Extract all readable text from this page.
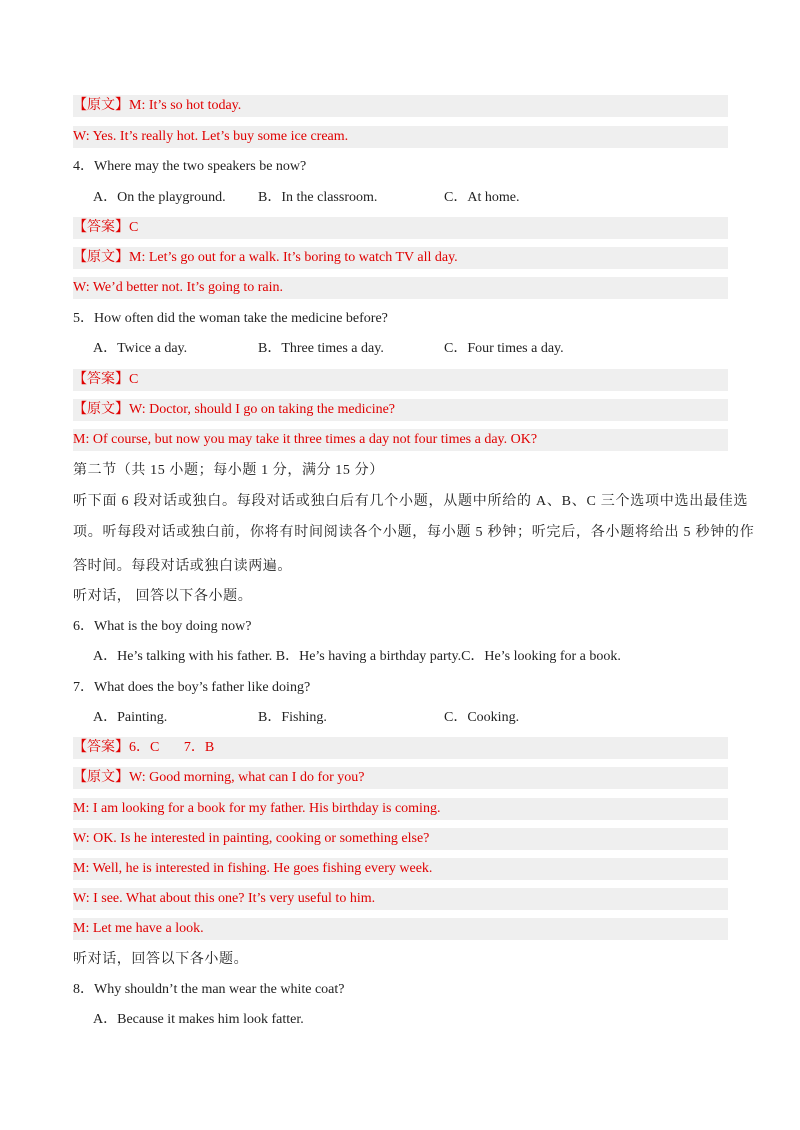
【原文】M: It’s so hot today.
W: Yes. It’s really hot. Let’s buy some ice cream.
4．Where may the two speakers be now?
A．On the playground. B．In the classroom.	C．At home.
【答案】C
【原文】M: Let’s go out for a walk. It’s boring to watch TV all day.
W: We’d better not. It’s going to rain.
5．How often did the woman take the medicine before?
A．Twice a day.	B．Three times a day.	C．Four times a day.
【答案】C
【原文】W: Doctor, should I go on taking the medicine?
M: Of course, but now you may take it three times a day not four times a day. OK?
第二节（共 15 小题；每小题 1 分，满分 15 分）
听下面 6 段对话或独白。每段对话或独白后有几个小题，从题中所给的 A、B、C 三个选项中选出最佳选
项。听每段对话或独白前，你将有时间阅读各个小题，每小题 5 秒钟；听完后，各小题将给出 5 秒钟的作
答时间。每段对话或独白读两遍。
听对话， 回答以下各小题。
6．What is the boy doing now?
A．He’s talking with his father. B．He’s having a birthday party.C．He’s looking for a book.
7．What does the boy’s father like doing?
A．Painting.	B．Fishing.	C．Cooking.
【答案】6．C       7．B
【原文】W: Good morning, what can I do for you?
M: I am looking for a book for my father. His birthday is coming.
W: OK. Is he interested in painting, cooking or something else?
M: Well, he is interested in fishing. He goes fishing every week.
W: I see. What about this one? It’s very useful to him.
M: Let me have a look.
听对话，回答以下各小题。
8．Why shouldn’t the man wear the white coat?
A．Because it makes him look fatter.
